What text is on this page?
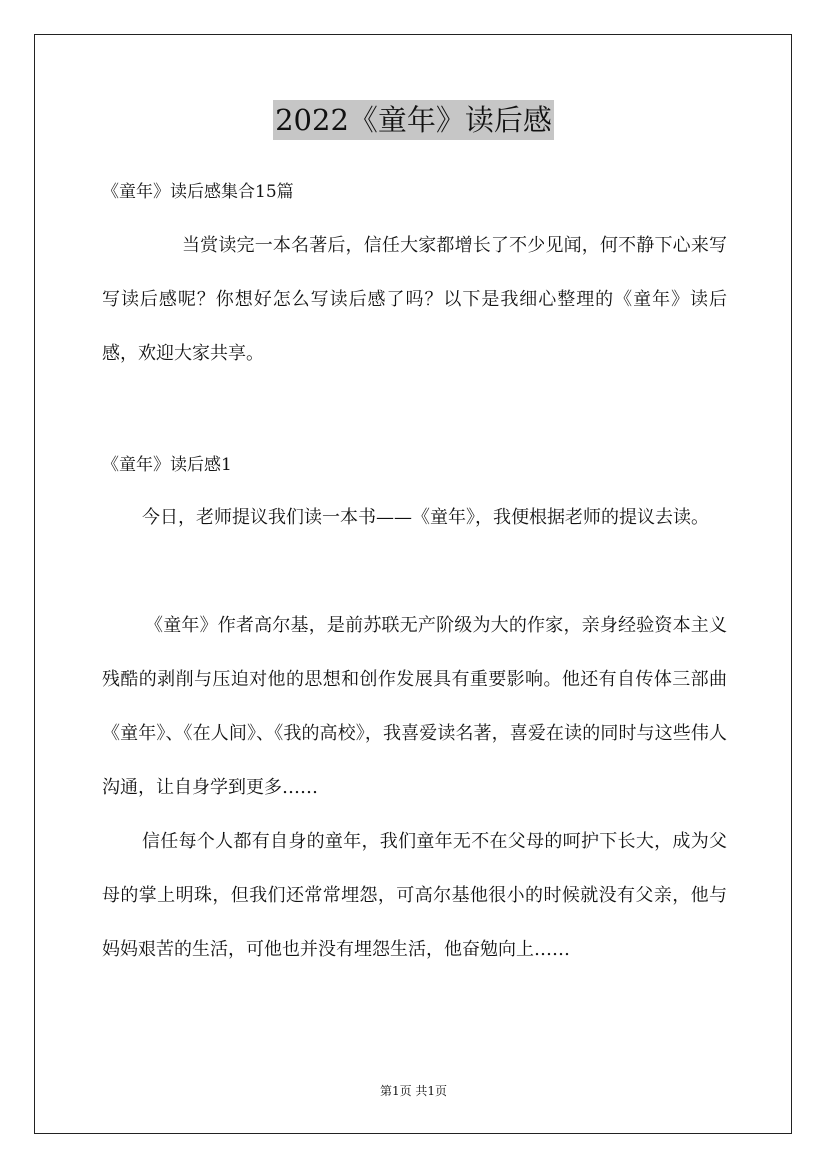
2022《童年》读后感
《童年》读后感集合15篇

当赏读完一本名著后，信任大家都增长了不少见闻，何不静下心来写写读后感呢？你想好怎么写读后感了吗？以下是我细心整理的《童年》读后感，欢迎大家共享。

《童年》读后感1

今日，老师提议我们读一本书——《童年》，我便根据老师的提议去读。

《童年》作者高尔基，是前苏联无产阶级为大的作家，亲身经验资本主义残酷的剥削与压迫对他的思想和创作发展具有重要影响。他还有自传体三部曲《童年》、《在人间》、《我的高校》，我喜爱读名著，喜爱在读的同时与这些伟人沟通，让自身学到更多……

信任每个人都有自身的童年，我们童年无不在父母的呵护下长大，成为父母的掌上明珠，但我们还常常埋怨，可高尔基他很小的时候就没有父亲，他与妈妈艰苦的生活，可他也并没有埋怨生活，他奋勉向上……

第1页 共1页
